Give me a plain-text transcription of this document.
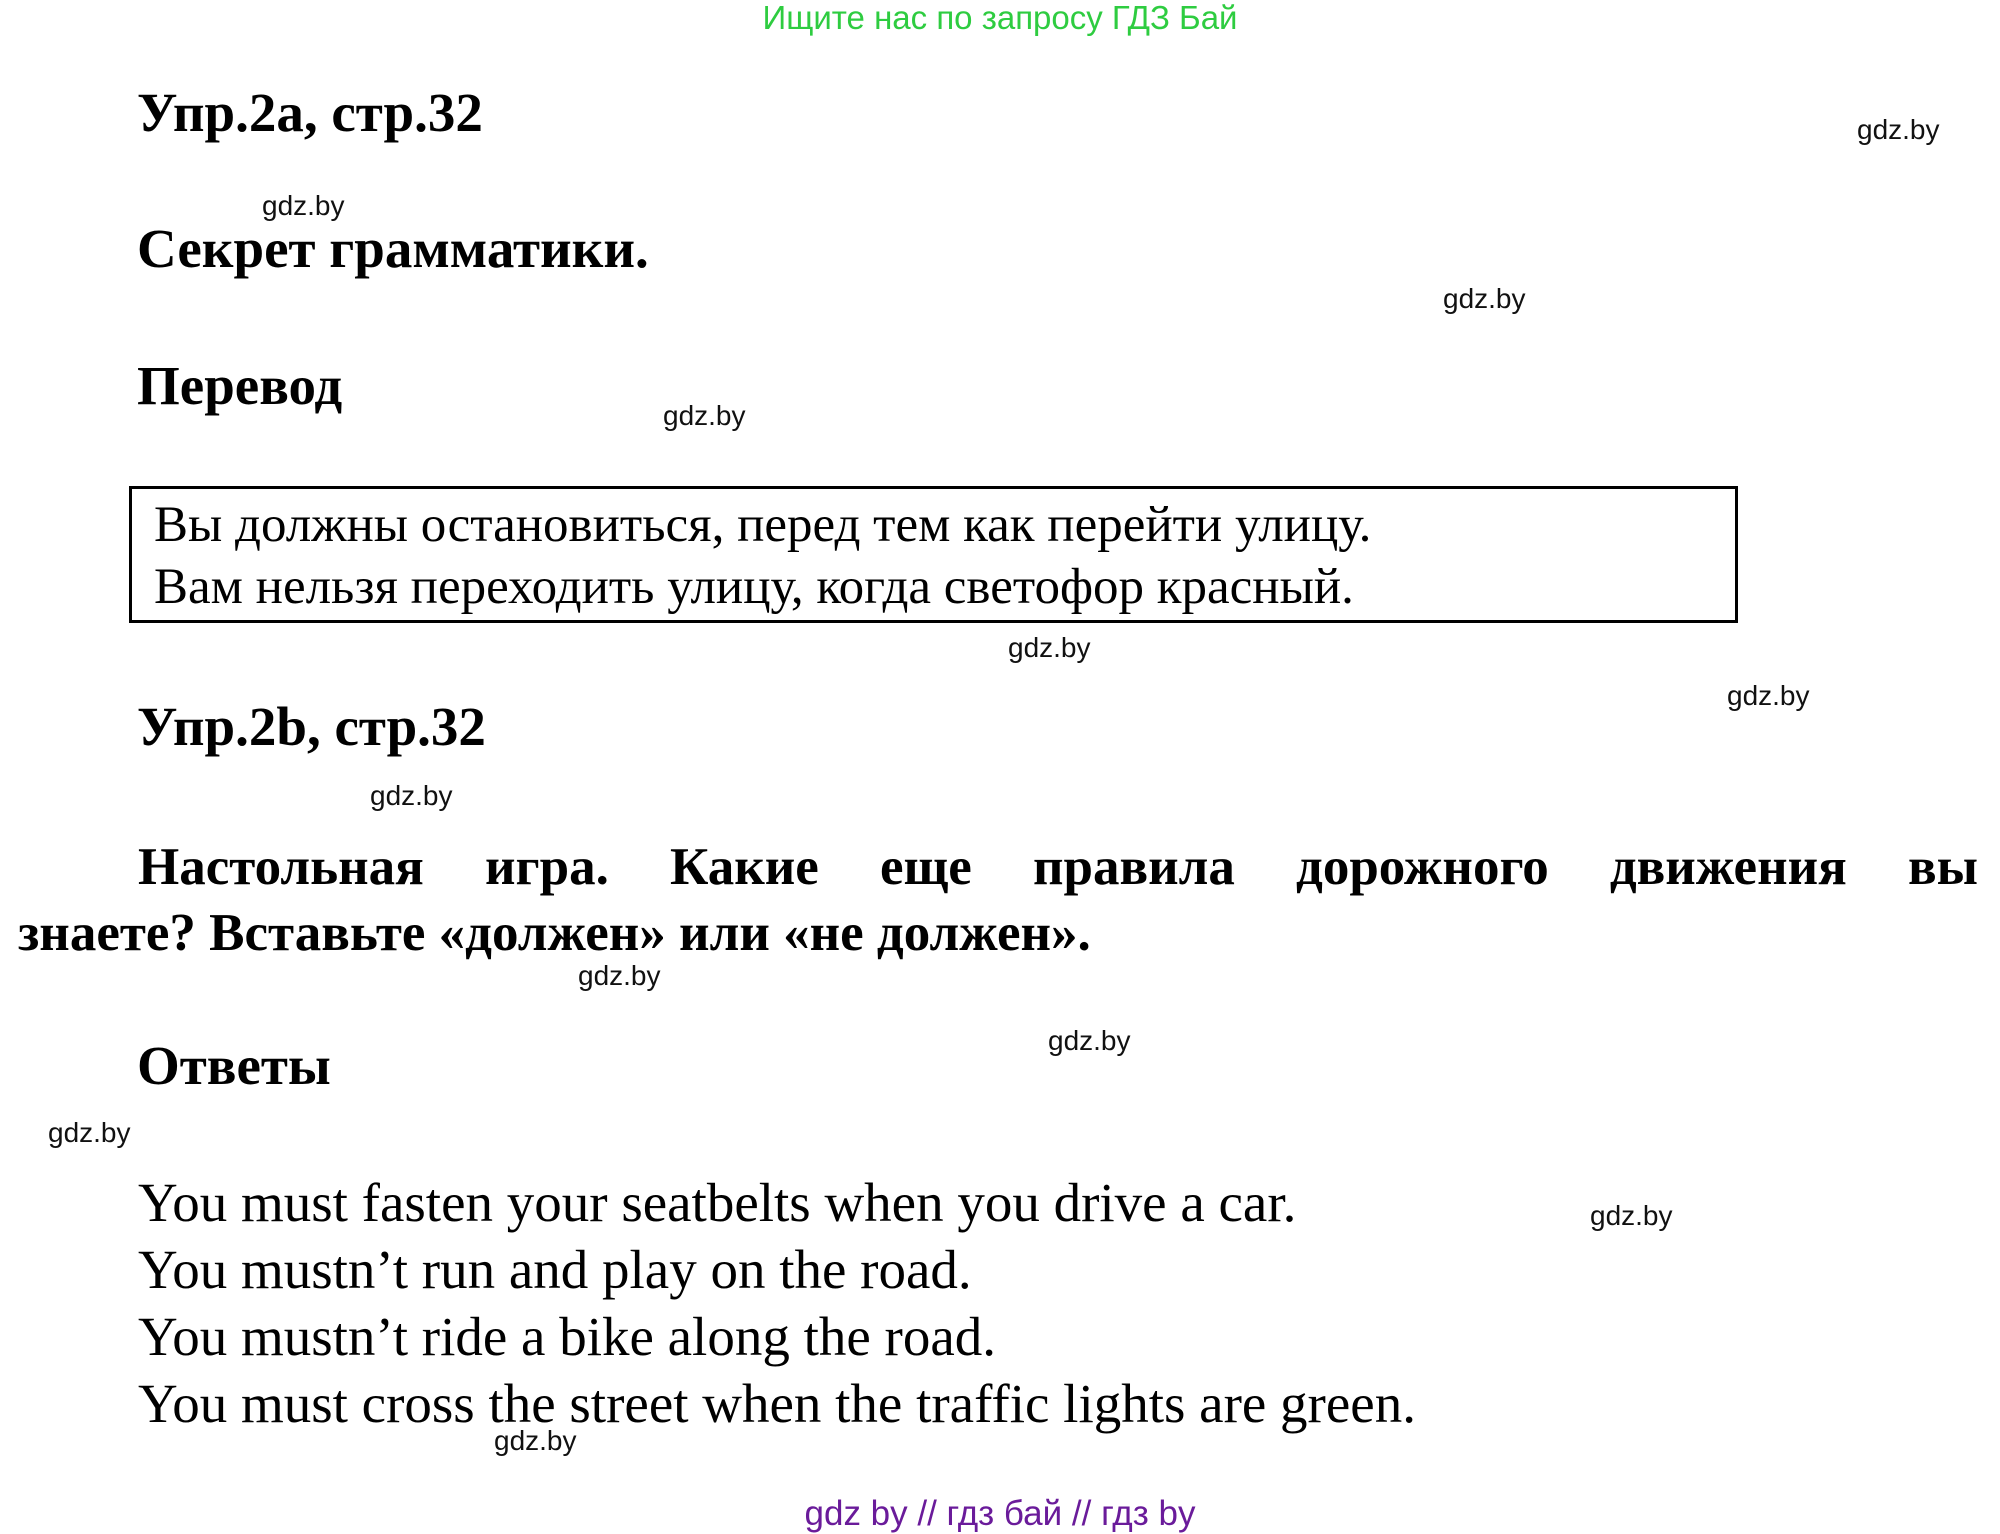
Ищите нас по запросу ГДЗ Бай
Упр.2а, стр.32
Секрет грамматики.
Перевод
Вы должны остановиться, перед тем как перейти улицу.
Вам нельзя переходить улицу, когда светофор красный.
Упр.2b, стр.32
Настольная игра. Какие еще правила дорожного движения вы
знаете? Вставьте «должен» или «не должен».
Ответы
You must fasten your seatbelts when you drive a car.
You mustn’t run and play on the road.
You mustn’t ride a bike along the road.
You must cross the street when the traffic lights are green.
gdz.by
gdz.by
gdz.by
gdz.by
gdz.by
gdz.by
gdz.by
gdz.by
gdz.by
gdz.by
gdz.by
gdz.by
gdz by // гдз бай // гдз by
